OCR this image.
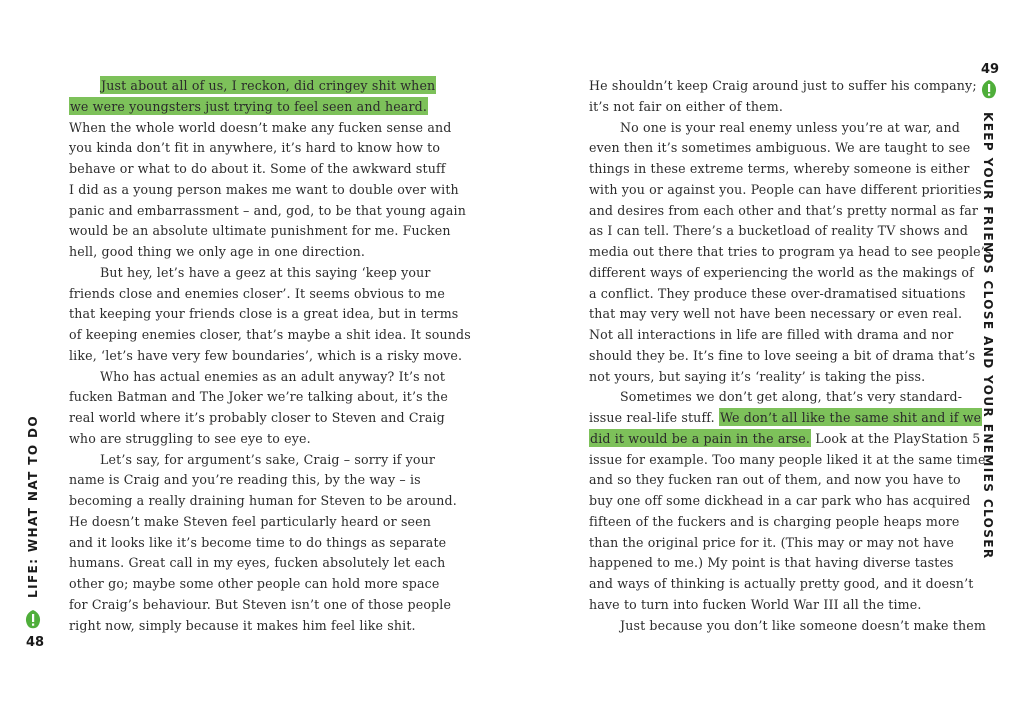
Just about all of us, I reckon, did cringey shit when
we were youngsters just trying to feel seen and heard.
When the whole world doesn’t make any fucken sense and
you kinda don’t fit in anywhere, it’s hard to know how to
behave or what to do about it. Some of the awkward stuff
I did as a young person makes me want to double over with
panic and embarrassment – and, god, to be that young again
would be an absolute ultimate punishment for me. Fucken
hell, good thing we only age in one direction.
But hey, let’s have a geez at this saying ‘keep your
friends close and enemies closer’. It seems obvious to me
that keeping your friends close is a great idea, but in terms
of keeping enemies closer, that’s maybe a shit idea. It sounds
like, ‘let’s have very few boundaries’, which is a risky move.
Who has actual enemies as an adult anyway? It’s not
fucken Batman and The Joker we’re talking about, it’s the
real world where it’s probably closer to Steven and Craig
who are struggling to see eye to eye.
Let’s say, for argument’s sake, Craig – sorry if your
name is Craig and you’re reading this, by the way – is
becoming a really draining human for Steven to be around.
He doesn’t make Steven feel particularly heard or seen
and it looks like it’s become time to do things as separate
humans. Great call in my eyes, fucken absolutely let each
other go; maybe some other people can hold more space
for Craig’s behaviour. But Steven isn’t one of those people
right now, simply because it makes him feel like shit.
LIFE: WHAT NAT TO DO
48
He shouldn’t keep Craig around just to suffer his company;
it’s not fair on either of them.
No one is your real enemy unless you’re at war, and
even then it’s sometimes ambiguous. We are taught to see
things in these extreme terms, whereby someone is either
with you or against you. People can have different priorities
and desires from each other and that’s pretty normal as far
as I can tell. There’s a bucketload of reality TV shows and
media out there that tries to program ya head to see people’s
different ways of experiencing the world as the makings of
a conflict. They produce these over-dramatised situations
that may very well not have been necessary or even real.
Not all interactions in life are filled with drama and nor
should they be. It’s fine to love seeing a bit of drama that’s
not yours, but saying it’s ‘reality’ is taking the piss.
Sometimes we don’t get along, that’s very standard-
issue real-life stuff. We don’t all like the same shit and if we
did it would be a pain in the arse. Look at the PlayStation 5
issue for example. Too many people liked it at the same time
and so they fucken ran out of them, and now you have to
buy one off some dickhead in a car park who has acquired
fifteen of the fuckers and is charging people heaps more
than the original price for it. (This may or may not have
happened to me.) My point is that having diverse tastes
and ways of thinking is actually pretty good, and it doesn’t
have to turn into fucken World War III all the time.
Just because you don’t like someone doesn’t make them
49
KEEP YOUR FRIENDS CLOSE AND YOUR ENEMIES CLOSER
